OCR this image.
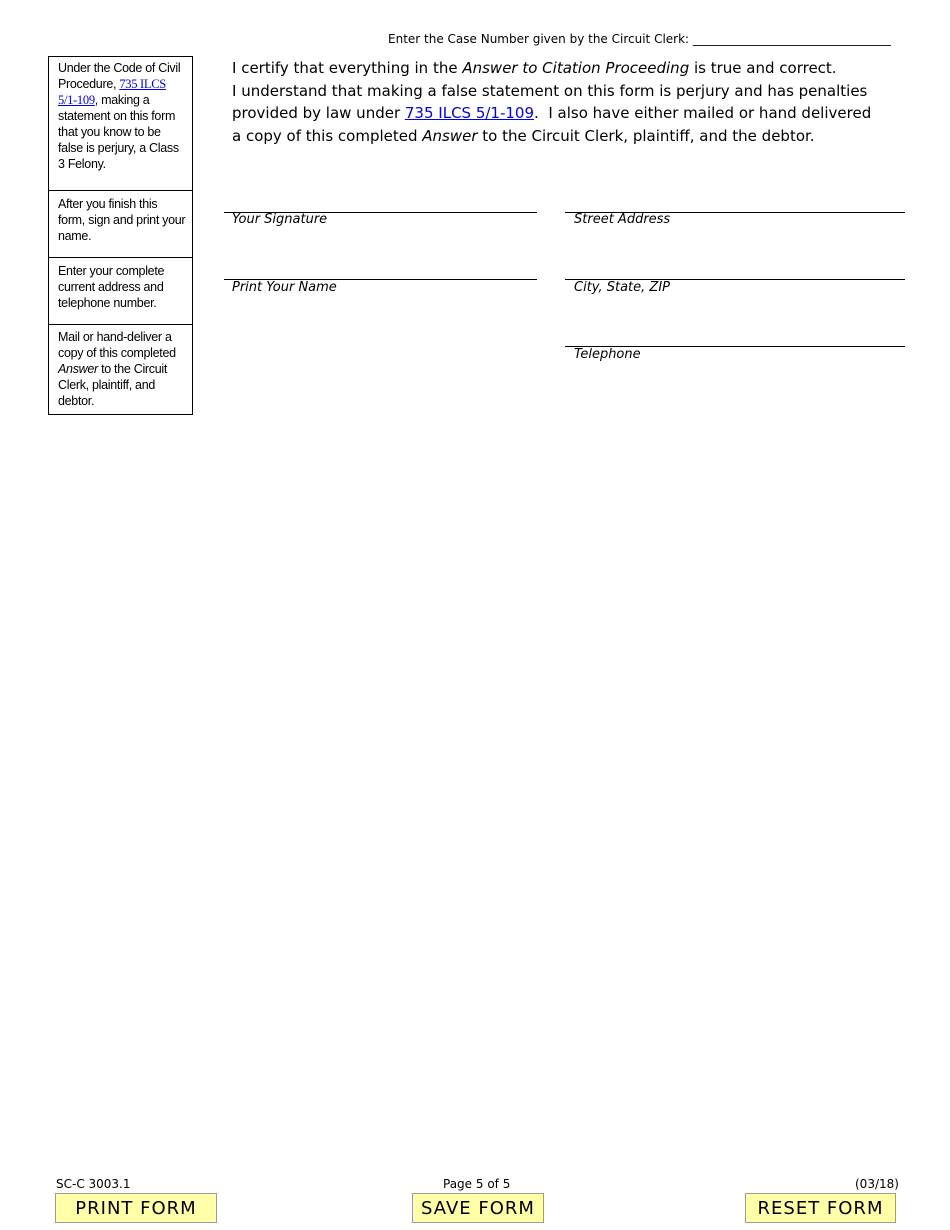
Enter the Case Number given by the Circuit Clerk: _________________________________
Under the Code of Civil Procedure, 735 ILCS 5/1-109, making a statement on this form that you know to be false is perjury, a Class 3 Felony.
After you finish this form, sign and print your name.
Enter your complete current address and telephone number.
Mail or hand-deliver a copy of this completed Answer to the Circuit Clerk, plaintiff, and debtor.

I certify that everything in the Answer to Citation Proceeding is true and correct.

I understand that making a false statement on this form is perjury and has penalties provided by law under 735 ILCS 5/1-109.  I also have either mailed or hand delivered a copy of this completed Answer to the Circuit Clerk, plaintiff, and the debtor.

Your Signature
Print Your Name
Street Address
City, State, ZIP
Telephone
SC-C 3003.1	Page 5 of 5	(03/18)
PRINT FORM	SAVE FORM	RESET FORM
